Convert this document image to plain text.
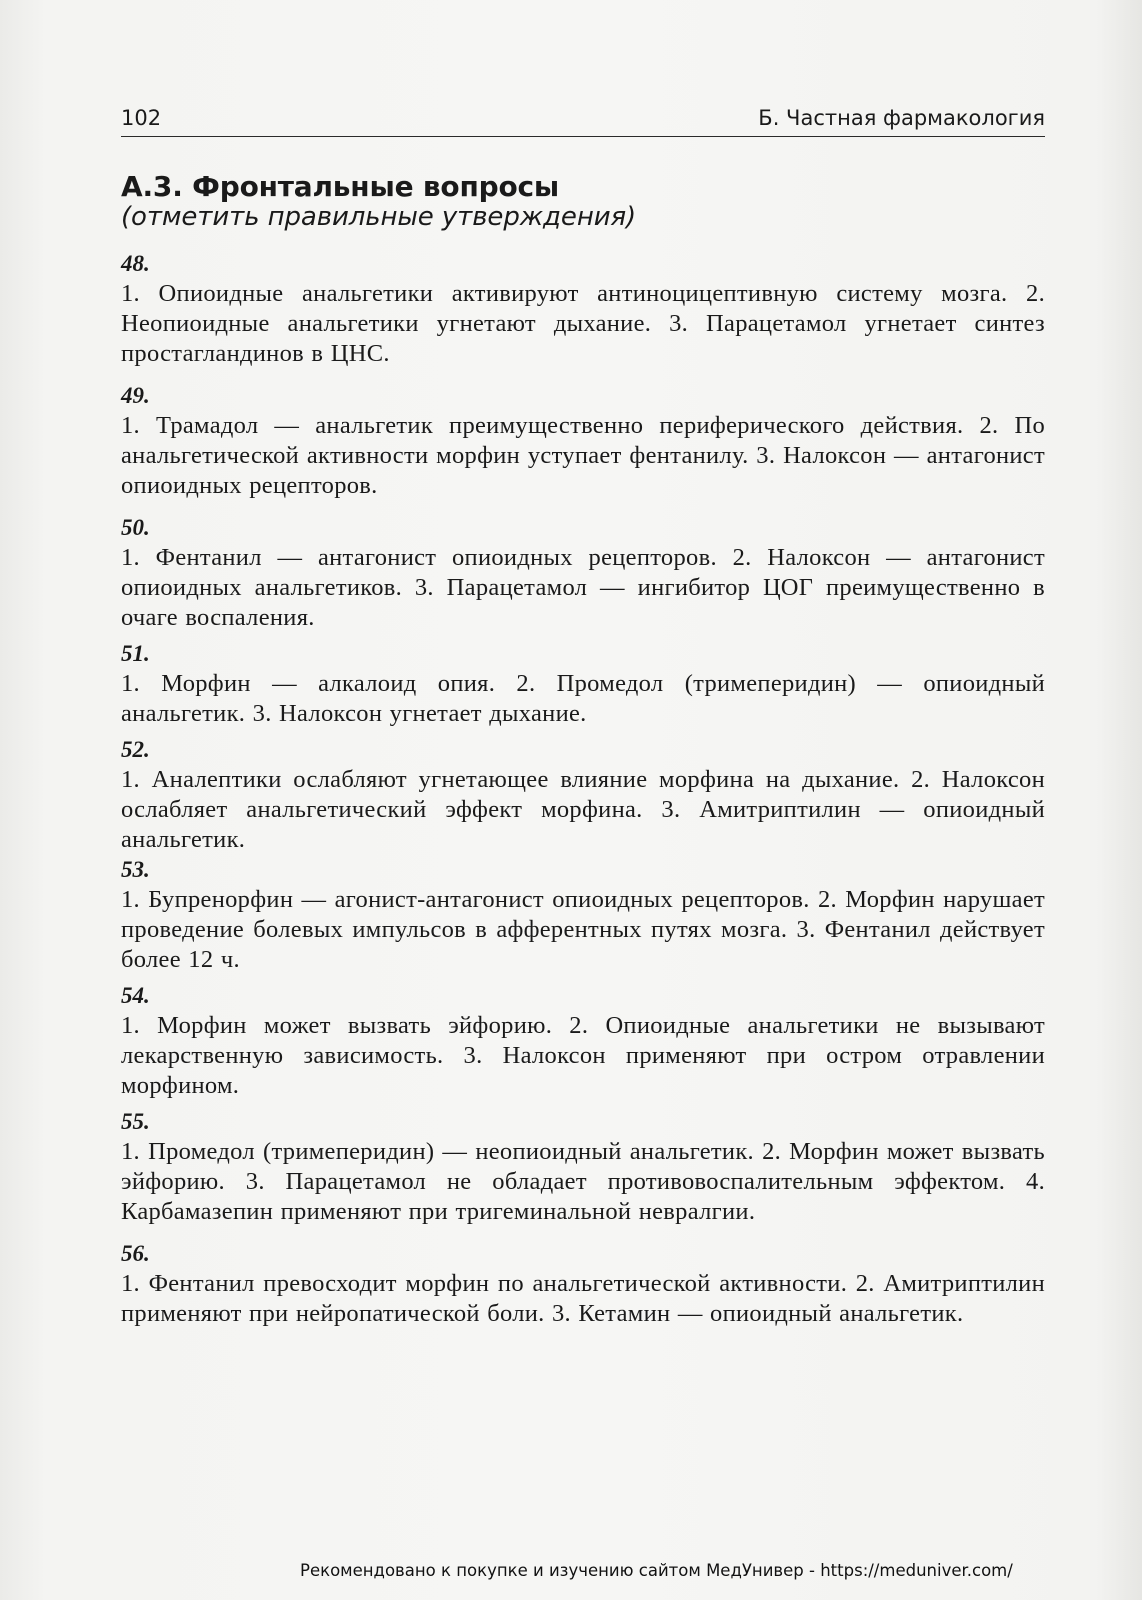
102	Б. Частная фармакология
А.3. Фронтальные вопросы
(отметить правильные утверждения)
48.
1. Опиоидные анальгетики активируют антиноцицептивную систему мозга. 2. Неопиоидные анальгетики угнетают дыхание. 3. Парацетамол угнетает синтез простагландинов в ЦНС.
49.
1. Трамадол — анальгетик преимущественно периферического действия. 2. По анальгетической активности морфин уступает фентанилу. 3. Налоксон — антагонист опиоидных рецепторов.
50.
1. Фентанил — антагонист опиоидных рецепторов. 2. Налоксон — антагонист опиоидных анальгетиков. 3. Парацетамол — ингибитор ЦОГ преимущественно в очаге воспаления.
51.
1. Морфин — алкалоид опия. 2. Промедол (тримеперидин) — опиоидный анальгетик. 3. Налоксон угнетает дыхание.
52.
1. Аналептики ослабляют угнетающее влияние морфина на дыхание. 2. Налоксон ослабляет анальгетический эффект морфина. 3. Амитриптилин — опиоидный анальгетик.
53.
1. Бупренорфин — агонист-антагонист опиоидных рецепторов. 2. Морфин нарушает проведение болевых импульсов в афферентных путях мозга. 3. Фентанил действует более 12 ч.
54.
1. Морфин может вызвать эйфорию. 2. Опиоидные анальгетики не вызывают лекарственную зависимость. 3. Налоксон применяют при остром отравлении морфином.
55.
1. Промедол (тримеперидин) — неопиоидный анальгетик. 2. Морфин может вызвать эйфорию. 3. Парацетамол не обладает противовоспалительным эффектом. 4. Карбамазепин применяют при тригеминальной невралгии.
56.
1. Фентанил превосходит морфин по анальгетической активности. 2. Амитриптилин применяют при нейропатической боли. 3. Кетамин — опиоидный анальгетик.
Рекомендовано к покупке и изучению сайтом МедУнивер - https://meduniver.com/
